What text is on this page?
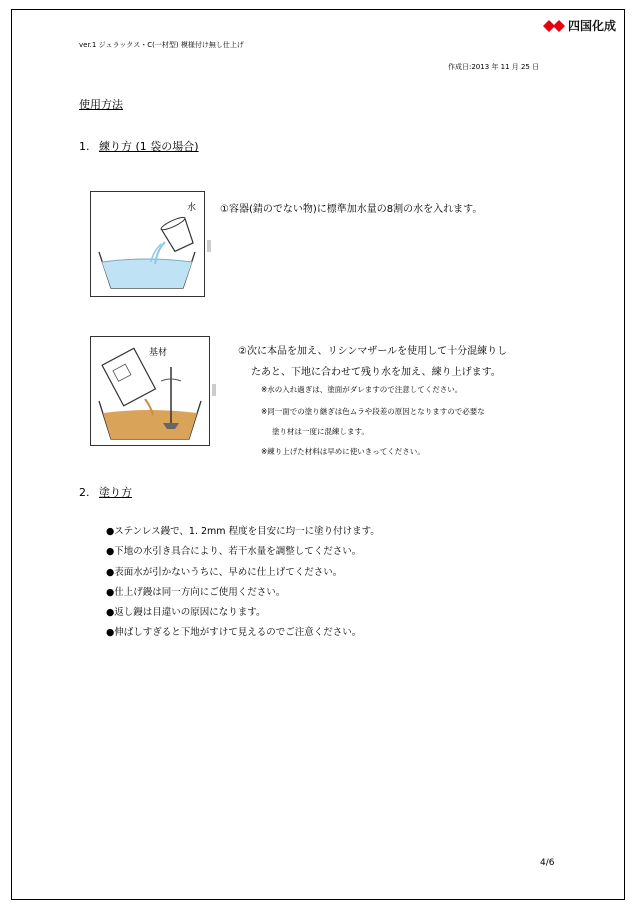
ver.1 ジュラックス・C(一材型) 模様付け無し仕上げ
四国化成
作成日:2013 年 11 月 25 日
使用方法
1. 練り方 (1 袋の場合)
水 ①容器(錆のでない物)に標準加水量の8割の水を入れます。
基材	②次に本品を加え、リシンマザールを使用して十分混練りし
たあと、下地に合わせて残り水を加え、練り上げます。
※水の入れ過ぎは、塗面がダレますので注意してください。
※同一面での塗り継ぎは色ムラや段差の原因となりますので必要な
塗り材は一度に混練します。
※練り上げた材料は早めに使いきってください。
2. 塗り方
●ステンレス鏝で、1. 2mm 程度を目安に均一に塗り付けます。
●下地の水引き具合により、若干水量を調整してください。
●表面水が引かないうちに、早めに仕上げてください。
●仕上げ鏝は同一方向にご使用ください。
●返し鏝は目違いの原因になります。
●伸ばしすぎると下地がすけて見えるのでご注意ください。
4/6
